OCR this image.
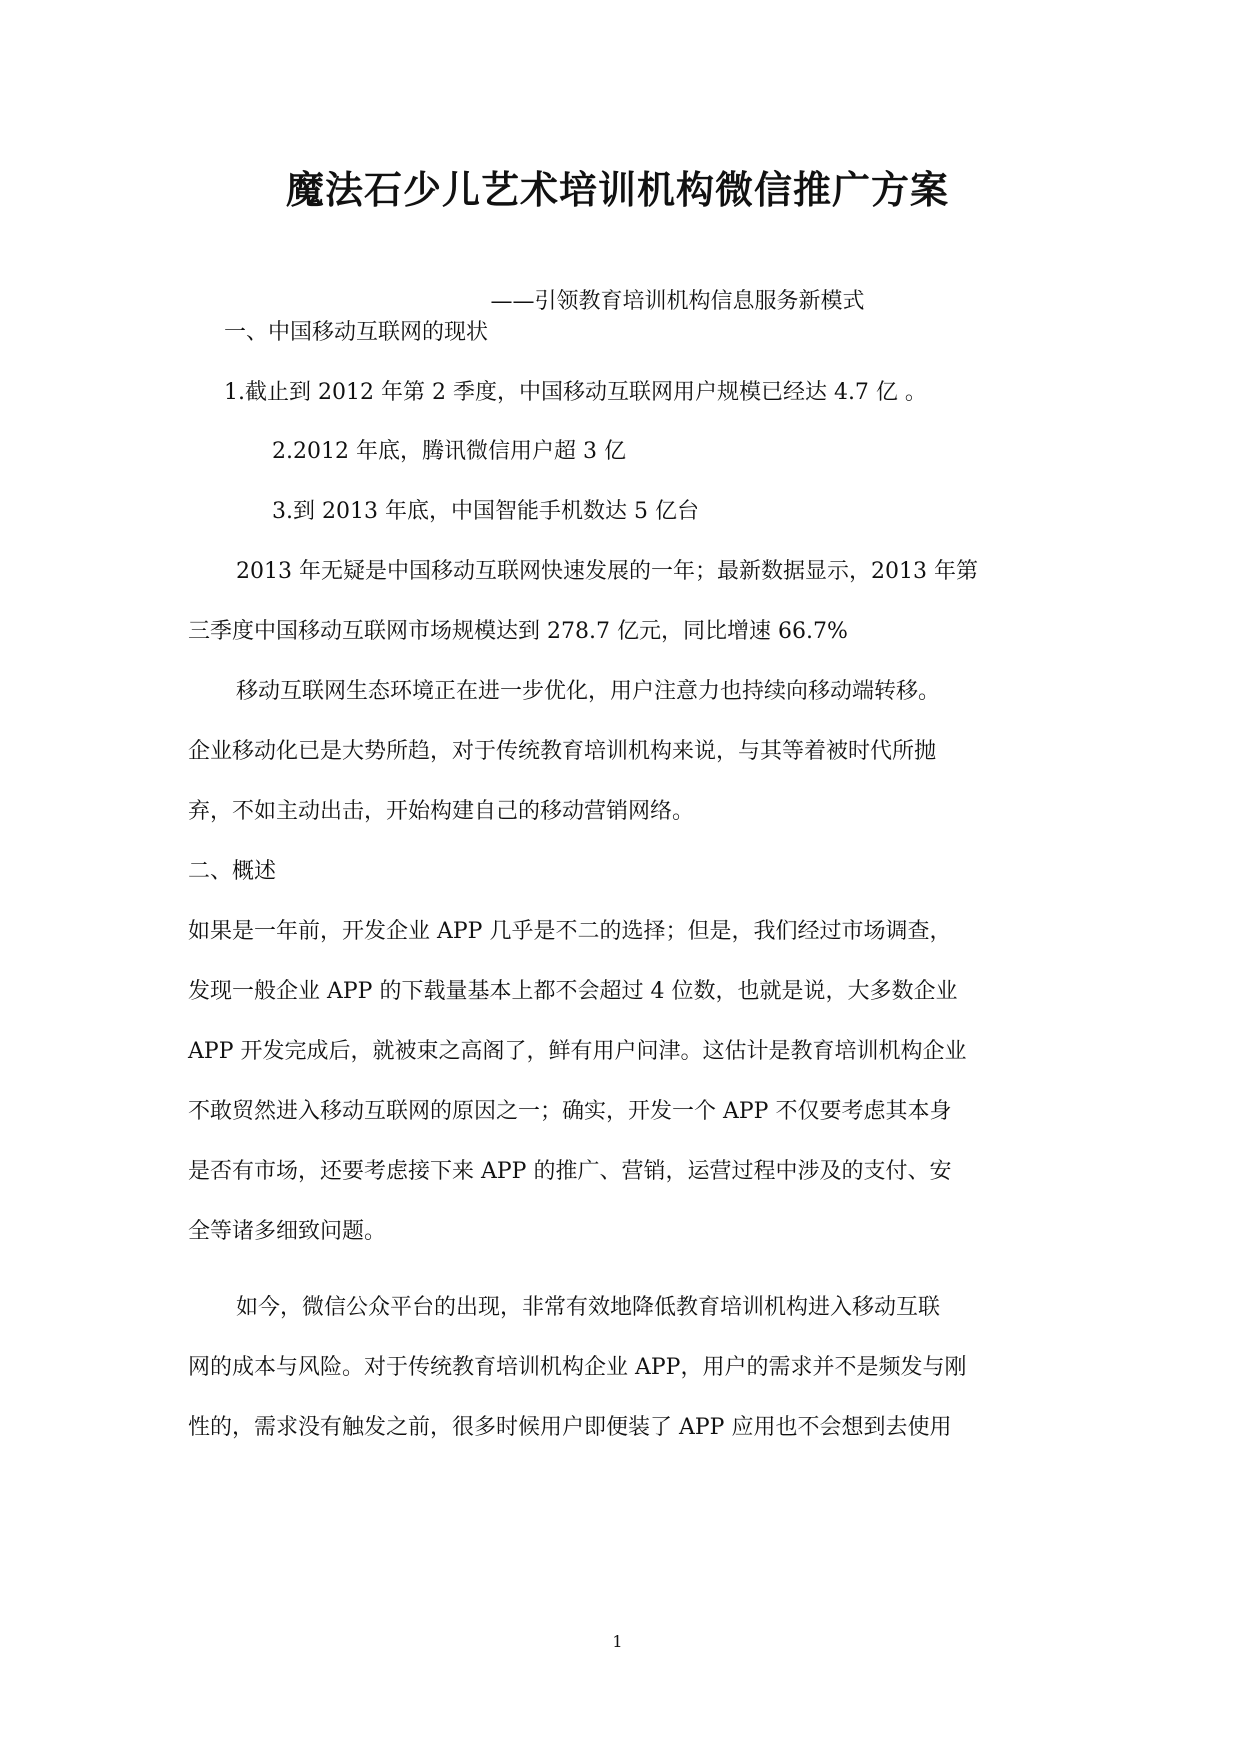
魔法石少儿艺术培训机构微信推广方案
——引领教育培训机构信息服务新模式
一、中国移动互联网的现状
1.截止到 2012 年第 2 季度，中国移动互联网用户规模已经达 4.7 亿 。
2.2012 年底，腾讯微信用户超 3 亿
3.到 2013 年底，中国智能手机数达 5 亿台
2013 年无疑是中国移动互联网快速发展的一年；最新数据显示，2013 年第
三季度中国移动互联网市场规模达到 278.7 亿元，同比增速 66.7%
移动互联网生态环境正在进一步优化，用户注意力也持续向移动端转移。
企业移动化已是大势所趋，对于传统教育培训机构来说，与其等着被时代所抛
弃，不如主动出击，开始构建自己的移动营销网络。
二、概述
如果是一年前，开发企业 APP 几乎是不二的选择；但是，我们经过市场调查，
发现一般企业 APP 的下载量基本上都不会超过 4 位数，也就是说，大多数企业
APP 开发完成后，就被束之高阁了，鲜有用户问津。这估计是教育培训机构企业
不敢贸然进入移动互联网的原因之一；确实，开发一个 APP 不仅要考虑其本身
是否有市场，还要考虑接下来 APP 的推广、营销，运营过程中涉及的支付、安
全等诸多细致问题。
如今，微信公众平台的出现，非常有效地降低教育培训机构进入移动互联
网的成本与风险。对于传统教育培训机构企业 APP，用户的需求并不是频发与刚
性的，需求没有触发之前，很多时候用户即便装了 APP 应用也不会想到去使用
1
